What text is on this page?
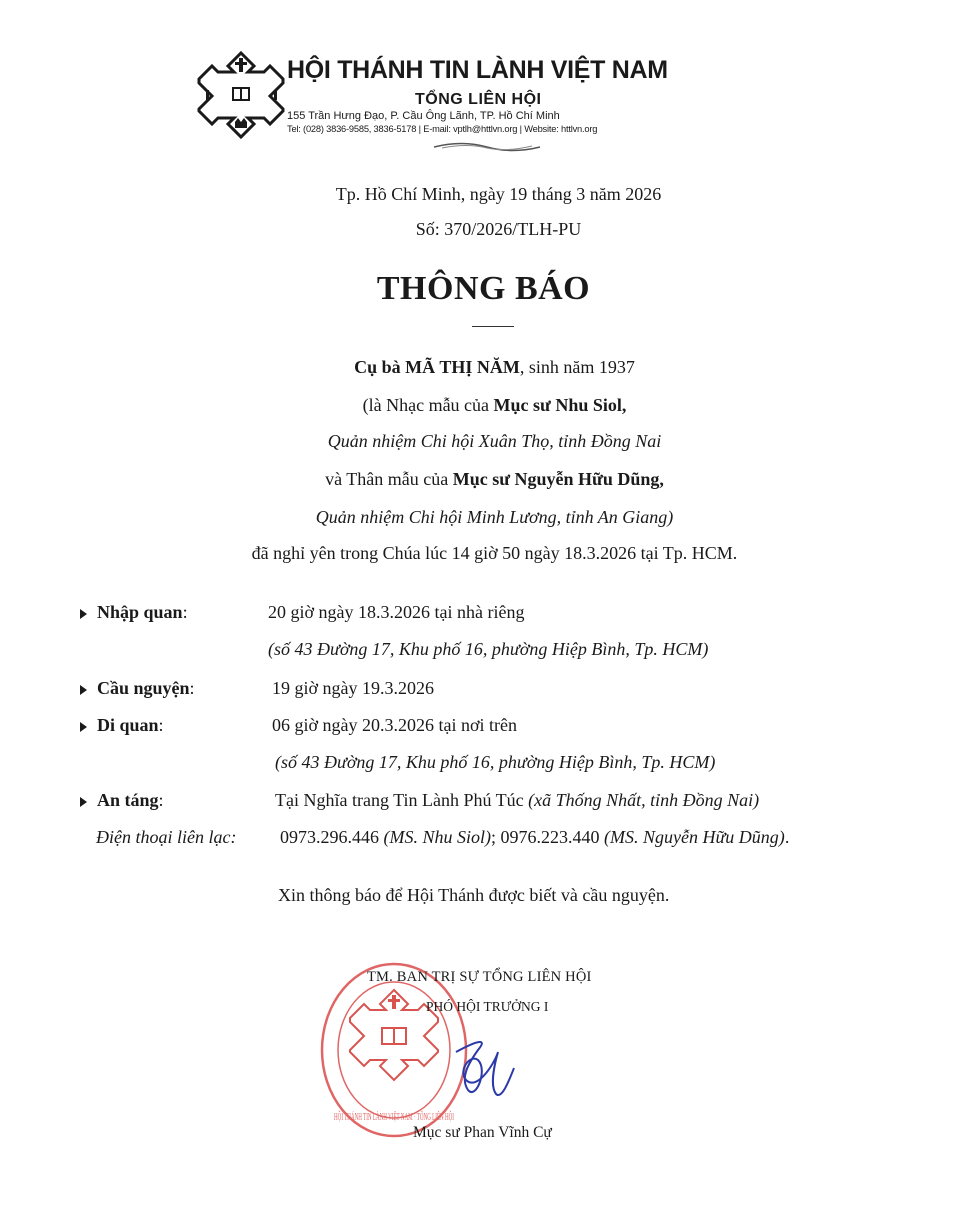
HỘI THÁNH TIN LÀNH VIỆT NAM
TỔNG LIÊN HỘI
155 Trần Hưng Đạo, P. Cầu Ông Lãnh, TP. Hồ Chí Minh
Tel: (028) 3836-9585, 3836-5178 | E-mail: vptlh@httlvn.org | Website: httlvn.org
Tp. Hồ Chí Minh, ngày 19 tháng 3 năm 2026
Số: 370/2026/TLH-PU
THÔNG BÁO
Cụ bà MÃ THỊ NĂM, sinh năm 1937
(là Nhạc mẫu của Mục sư Nhu Siol,
Quản nhiệm Chi hội Xuân Thọ, tỉnh Đồng Nai
và Thân mẫu của Mục sư Nguyễn Hữu Dũng,
Quản nhiệm Chi hội Minh Lương, tỉnh An Giang)
đã nghỉ yên trong Chúa lúc 14 giờ 50 ngày 18.3.2026 tại Tp. HCM.
Nhập quan:	20 giờ ngày 18.3.2026 tại nhà riêng
(số 43 Đường 17, Khu phố 16, phường Hiệp Bình, Tp. HCM)
Cầu nguyện:	19 giờ ngày 19.3.2026
Di quan:	06 giờ ngày 20.3.2026 tại nơi trên
(số 43 Đường 17, Khu phố 16, phường Hiệp Bình, Tp. HCM)
An táng:	Tại Nghĩa trang Tin Lành Phú Túc (xã Thống Nhất, tỉnh Đồng Nai)
Điện thoại liên lạc: 0973.296.446 (MS. Nhu Siol); 0976.223.440 (MS. Nguyễn Hữu Dũng).
Xin thông báo để Hội Thánh được biết và cầu nguyện.
HỘI THÁNH TIN LÀNH VIỆT NAM · TỔNG LIÊN HỘI
TM. BAN TRỊ SỰ TỔNG LIÊN HỘI
PHÓ HỘI TRƯỞNG I
Mục sư Phan Vĩnh Cự
